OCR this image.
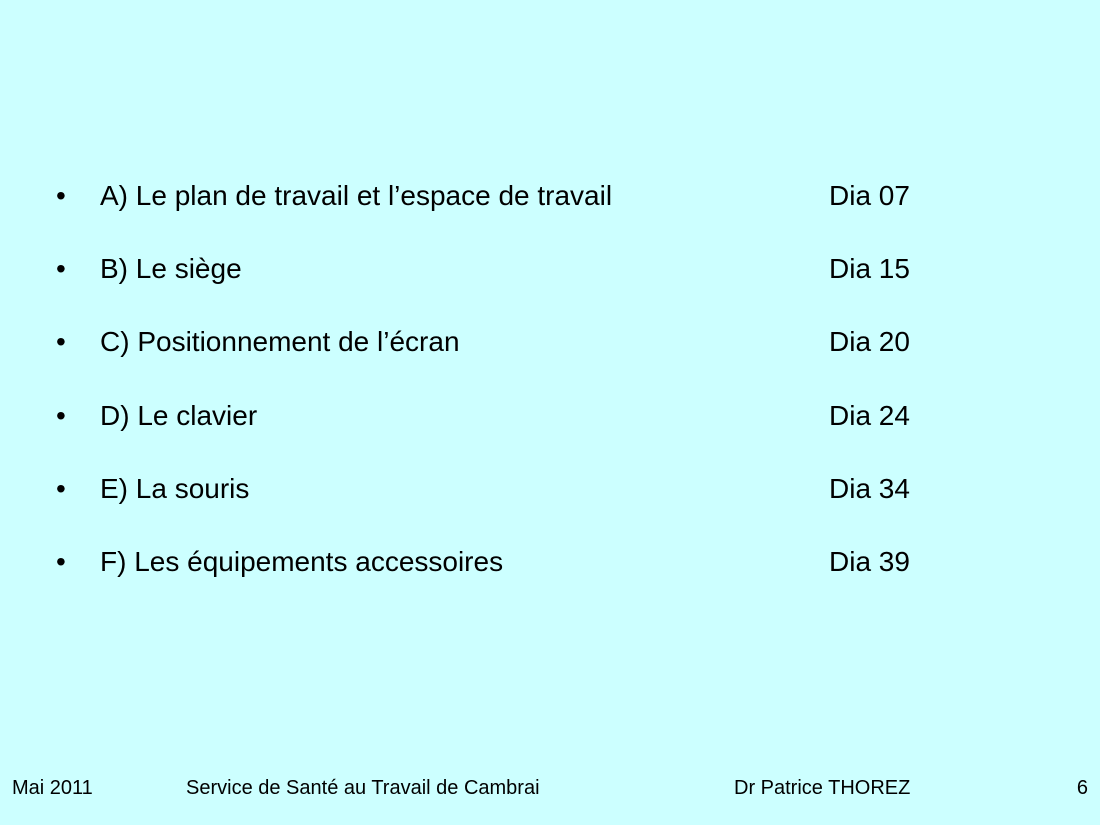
•	A) Le plan de travail et l’espace de travail	Dia 07
•	B) Le siège	Dia 15
•	C) Positionnement de l’écran	Dia 20
•	D) Le clavier	Dia 24
•	E) La souris	Dia 34
•	F) Les équipements accessoires	Dia 39
Mai 2011	Service de Santé au Travail de Cambrai	Dr Patrice THOREZ	6
